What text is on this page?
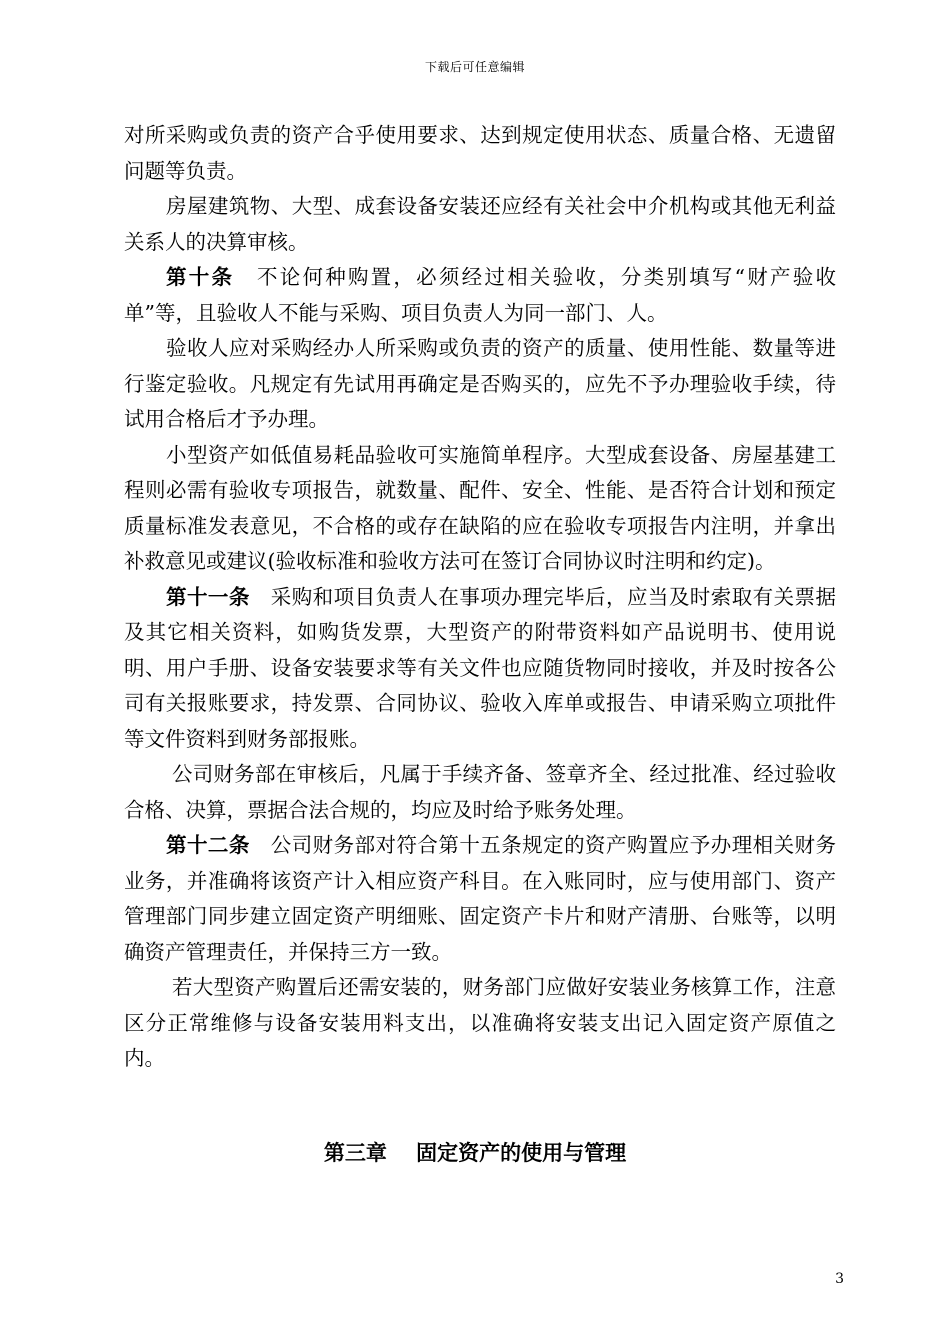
下载后可任意编辑

对所采购或负责的资产合乎使用要求、达到规定使用状态、质量合格、无遗留问题等负责。

房屋建筑物、大型、成套设备安装还应经有关社会中介机构或其他无利益关系人的决算审核。

第十条  不论何种购置，必须经过相关验收，分类别填写“财产验收单”等，且验收人不能与采购、项目负责人为同一部门、人。

验收人应对采购经办人所采购或负责的资产的质量、使用性能、数量等进行鉴定验收。凡规定有先试用再确定是否购买的，应先不予办理验收手续，待试用合格后才予办理。

小型资产如低值易耗品验收可实施简单程序。大型成套设备、房屋基建工程则必需有验收专项报告，就数量、配件、安全、性能、是否符合计划和预定质量标准发表意见，不合格的或存在缺陷的应在验收专项报告内注明，并拿出补救意见或建议(验收标准和验收方法可在签订合同协议时注明和约定)。

第十一条  采购和项目负责人在事项办理完毕后，应当及时索取有关票据及其它相关资料，如购货发票，大型资产的附带资料如产品说明书、使用说明、用户手册、设备安装要求等有关文件也应随货物同时接收，并及时按各公司有关报账要求，持发票、合同协议、验收入库单或报告、申请采购立项批件等文件资料到财务部报账。

公司财务部在审核后，凡属于手续齐备、签章齐全、经过批准、经过验收合格、决算，票据合法合规的，均应及时给予账务处理。

第十二条  公司财务部对符合第十五条规定的资产购置应予办理相关财务业务，并准确将该资产计入相应资产科目。在入账同时，应与使用部门、资产管理部门同步建立固定资产明细账、固定资产卡片和财产清册、台账等，以明确资产管理责任，并保持三方一致。

若大型资产购置后还需安装的，财务部门应做好安装业务核算工作，注意区分正常维修与设备安装用料支出，以准确将安装支出记入固定资产原值之内。

第三章    固定资产的使用与管理
3
